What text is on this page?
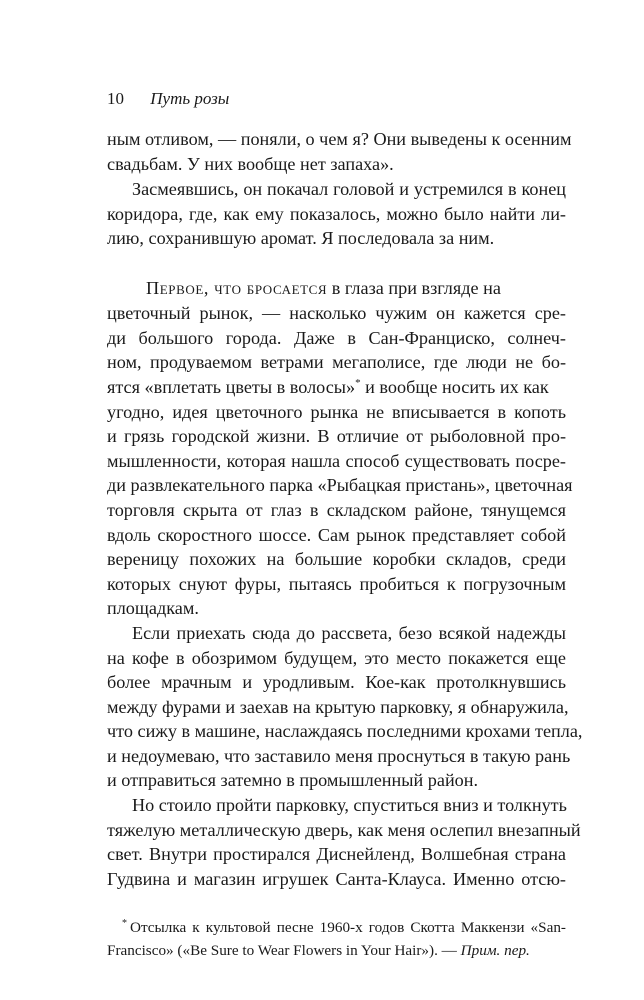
10 Путь розы
ным отливом, — поняли, о чем я? Они выведены к осенним
свадьбам. У них вообще нет запаха».
Засмеявшись, он покачал головой и устремился в конец
коридора, где, как ему показалось, можно было найти ли-
лию, сохранившую аромат. Я последовала за ним.
Первое, что бросается в глаза при взгляде на
цветочный рынок, — насколько чужим он кажется сре-
ди большого города. Даже в Сан-Франциско, солнеч-
ном, продуваемом ветрами мегаполисе, где люди не бо-
ятся «вплетать цветы в волосы»* и вообще носить их как
угодно, идея цветочного рынка не вписывается в копоть
и грязь городской жизни. В отличие от рыболовной про-
мышленности, которая нашла способ существовать посре-
ди развлекательного парка «Рыбацкая пристань», цветочная
торговля скрыта от глаз в складском районе, тянущемся
вдоль скоростного шоссе. Сам рынок представляет собой
вереницу похожих на большие коробки складов, среди
которых снуют фуры, пытаясь пробиться к погрузочным
площадкам.
Если приехать сюда до рассвета, безо всякой надежды
на кофе в обозримом будущем, это место покажется еще
более мрачным и уродливым. Кое-как протолкнувшись
между фурами и заехав на крытую парковку, я обнаружила,
что сижу в машине, наслаждаясь последними крохами тепла,
и недоумеваю, что заставило меня проснуться в такую рань
и отправиться затемно в промышленный район.
Но стоило пройти парковку, спуститься вниз и толкнуть
тяжелую металлическую дверь, как меня ослепил внезапный
свет. Внутри простирался Диснейленд, Волшебная страна
Гудвина и магазин игрушек Санта-Клауса. Именно отсю-
* Отсылка к культовой песне 1960-х годов Скотта Маккензи «San-
Francisco» («Be Sure to Wear Flowers in Your Hair»). — Прим. пер.
